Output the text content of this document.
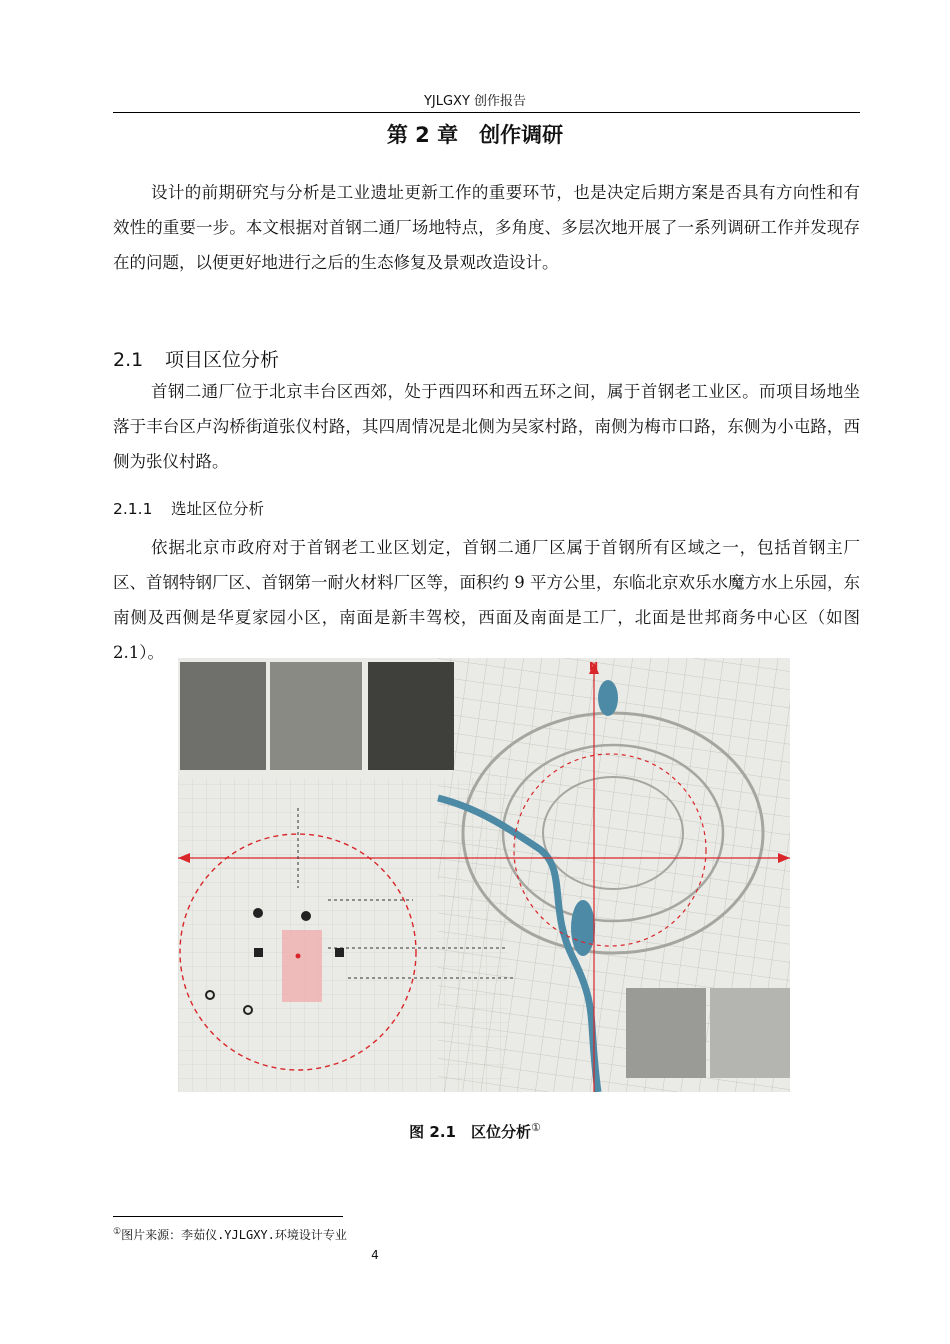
YJLGXY 创作报告
第 2 章　创作调研

设计的前期研究与分析是工业遗址更新工作的重要环节，也是决定后期方案是否具有方向性和有效性的重要一步。本文根据对首钢二通厂场地特点，多角度、多层次地开展了一系列调研工作并发现存在的问题，以便更好地进行之后的生态修复及景观改造设计。

2.1 项目区位分析

首钢二通厂位于北京丰台区西郊，处于西四环和西五环之间，属于首钢老工业区。而项目场地坐落于丰台区卢沟桥街道张仪村路，其四周情况是北侧为吴家村路，南侧为梅市口路，东侧为小屯路，西侧为张仪村路。

2.1.1 选址区位分析

依据北京市政府对于首钢老工业区划定，首钢二通厂区属于首钢所有区域之一，包括首钢主厂区、首钢特钢厂区、首钢第一耐火材料厂区等，面积约 9 平方公里，东临北京欢乐水魔方水上乐园，东南侧及西侧是华夏家园小区，南面是新丰驾校，西面及南面是工厂，北面是世邦商务中心区（如图 2.1）。

N
图 2.1　区位分析①
①图片来源：李茹仪.YJLGXY.环境设计专业
4
